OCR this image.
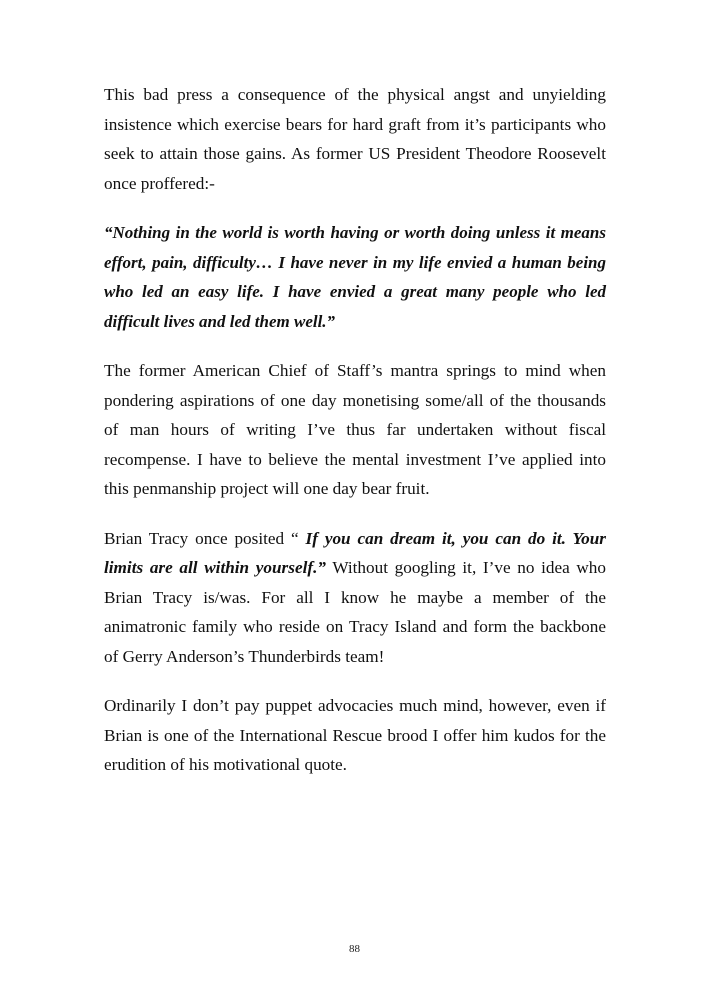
This bad press a consequence of the physical angst and unyielding insistence which exercise bears for hard graft from it’s participants who seek to attain those gains. As former US President Theodore Roosevelt once proffered:-

“Nothing in the world is worth having or worth doing unless it means effort, pain, difficulty… I have never in my life envied a human being who led an easy life. I have envied a great many people who led difficult lives and led them well.”

The former American Chief of Staff’s mantra springs to mind when pondering aspirations of one day monetising some/all of the thousands of man hours of writing I’ve thus far undertaken without fiscal recompense. I have to believe the mental investment I’ve applied into this penmanship project will one day bear fruit.

Brian Tracy once posited “ If you can dream it, you can do it. Your limits are all within yourself.” Without googling it, I’ve no idea who Brian Tracy is/was. For all I know he maybe a member of the animatronic family who reside on Tracy Island and form the backbone of Gerry Anderson’s Thunderbirds team!

Ordinarily I don’t pay puppet advocacies much mind, however, even if Brian is one of the International Rescue brood I offer him kudos for the erudition of his motivational quote.

88
